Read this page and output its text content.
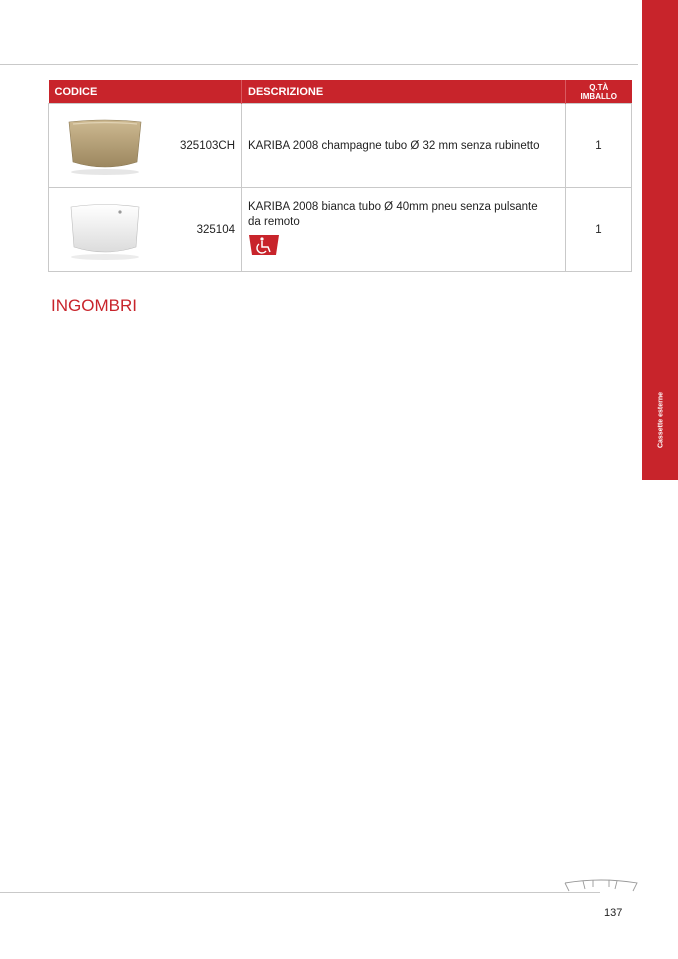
Cassette esterne
CODICE		DESCRIZIONE	Q.TÀ
IMBALLO

	325103CH	KARIBA 2008 champagne tubo Ø 32 mm senza rubinetto	1

	325104	KARIBA 2008 bianca tubo Ø 40mm pneu senza pulsante da remoto	1
INGOMBRI
137
